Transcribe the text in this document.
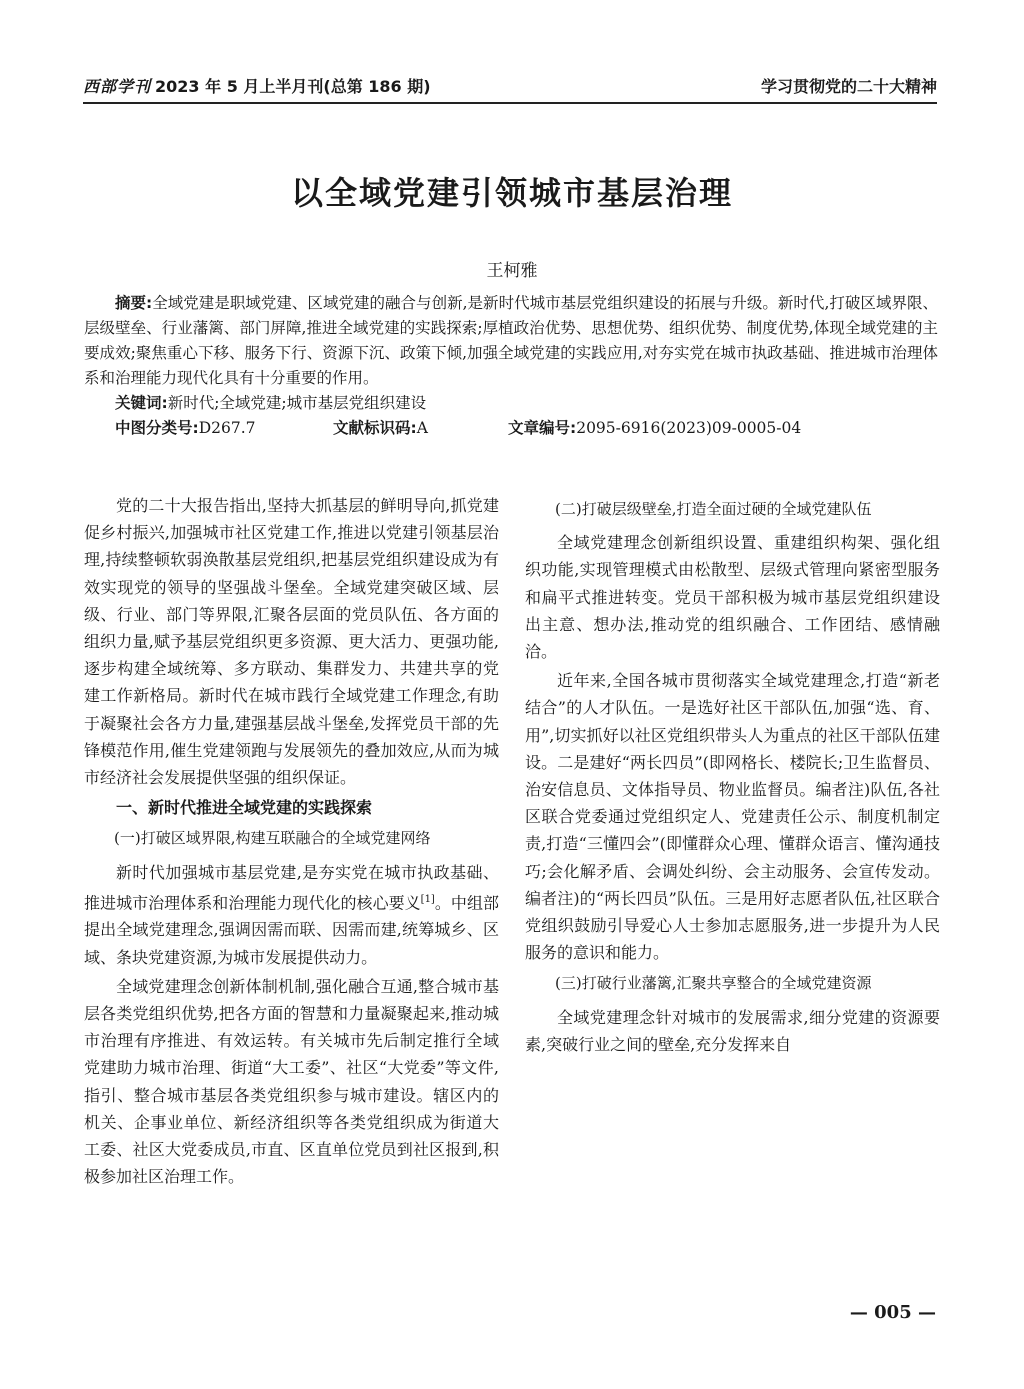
西部学刊 2023 年 5 月上半月刊(总第 186 期)	学习贯彻党的二十大精神
以全域党建引领城市基层治理
王柯雅

摘要:全域党建是职域党建、区域党建的融合与创新,是新时代城市基层党组织建设的拓展与升级。新时代,打破区域界限、层级壁垒、行业藩篱、部门屏障,推进全域党建的实践探索;厚植政治优势、思想优势、组织优势、制度优势,体现全域党建的主要成效;聚焦重心下移、服务下行、资源下沉、政策下倾,加强全域党建的实践应用,对夯实党在城市执政基础、推进城市治理体系和治理能力现代化具有十分重要的作用。

关键词:新时代;全域党建;城市基层党组织建设
中图分类号:D267.7	文献标识码:A	文章编号:2095-6916(2023)09-0005-04

党的二十大报告指出,坚持大抓基层的鲜明导向,抓党建促乡村振兴,加强城市社区党建工作,推进以党建引领基层治理,持续整顿软弱涣散基层党组织,把基层党组织建设成为有效实现党的领导的坚强战斗堡垒。全域党建突破区域、层级、行业、部门等界限,汇聚各层面的党员队伍、各方面的组织力量,赋予基层党组织更多资源、更大活力、更强功能,逐步构建全域统筹、多方联动、集群发力、共建共享的党建工作新格局。新时代在城市践行全域党建工作理念,有助于凝聚社会各方力量,建强基层战斗堡垒,发挥党员干部的先锋模范作用,催生党建领跑与发展领先的叠加效应,从而为城市经济社会发展提供坚强的组织保证。

一、新时代推进全域党建的实践探索
(一)打破区域界限,构建互联融合的全域党建网络

新时代加强城市基层党建,是夯实党在城市执政基础、推进城市治理体系和治理能力现代化的核心要义[1]。中组部提出全域党建理念,强调因需而联、因需而建,统筹城乡、区域、条块党建资源,为城市发展提供动力。

全域党建理念创新体制机制,强化融合互通,整合城市基层各类党组织优势,把各方面的智慧和力量凝聚起来,推动城市治理有序推进、有效运转。有关城市先后制定推行全域党建助力城市治理、街道“大工委”、社区“大党委”等文件,指引、整合城市基层各类党组织参与城市建设。辖区内的机关、企事业单位、新经济组织等各类党组织成为街道大工委、社区大党委成员,市直、区直单位党员到社区报到,积极参加社区治理工作。

(二)打破层级壁垒,打造全面过硬的全域党建队伍

全域党建理念创新组织设置、重建组织构架、强化组织功能,实现管理模式由松散型、层级式管理向紧密型服务和扁平式推进转变。党员干部积极为城市基层党组织建设出主意、想办法,推动党的组织融合、工作团结、感情融洽。

近年来,全国各城市贯彻落实全域党建理念,打造“新老结合”的人才队伍。一是选好社区干部队伍,加强“选、育、用”,切实抓好以社区党组织带头人为重点的社区干部队伍建设。二是建好“两长四员”(即网格长、楼院长;卫生监督员、治安信息员、文体指导员、物业监督员。编者注)队伍,各社区联合党委通过党组织定人、党建责任公示、制度机制定责,打造“三懂四会”(即懂群众心理、懂群众语言、懂沟通技巧;会化解矛盾、会调处纠纷、会主动服务、会宣传发动。编者注)的“两长四员”队伍。三是用好志愿者队伍,社区联合党组织鼓励引导爱心人士参加志愿服务,进一步提升为人民服务的意识和能力。

(三)打破行业藩篱,汇聚共享整合的全域党建资源

全域党建理念针对城市的发展需求,细分党建的资源要素,突破行业之间的壁垒,充分发挥来自

— 005 —
